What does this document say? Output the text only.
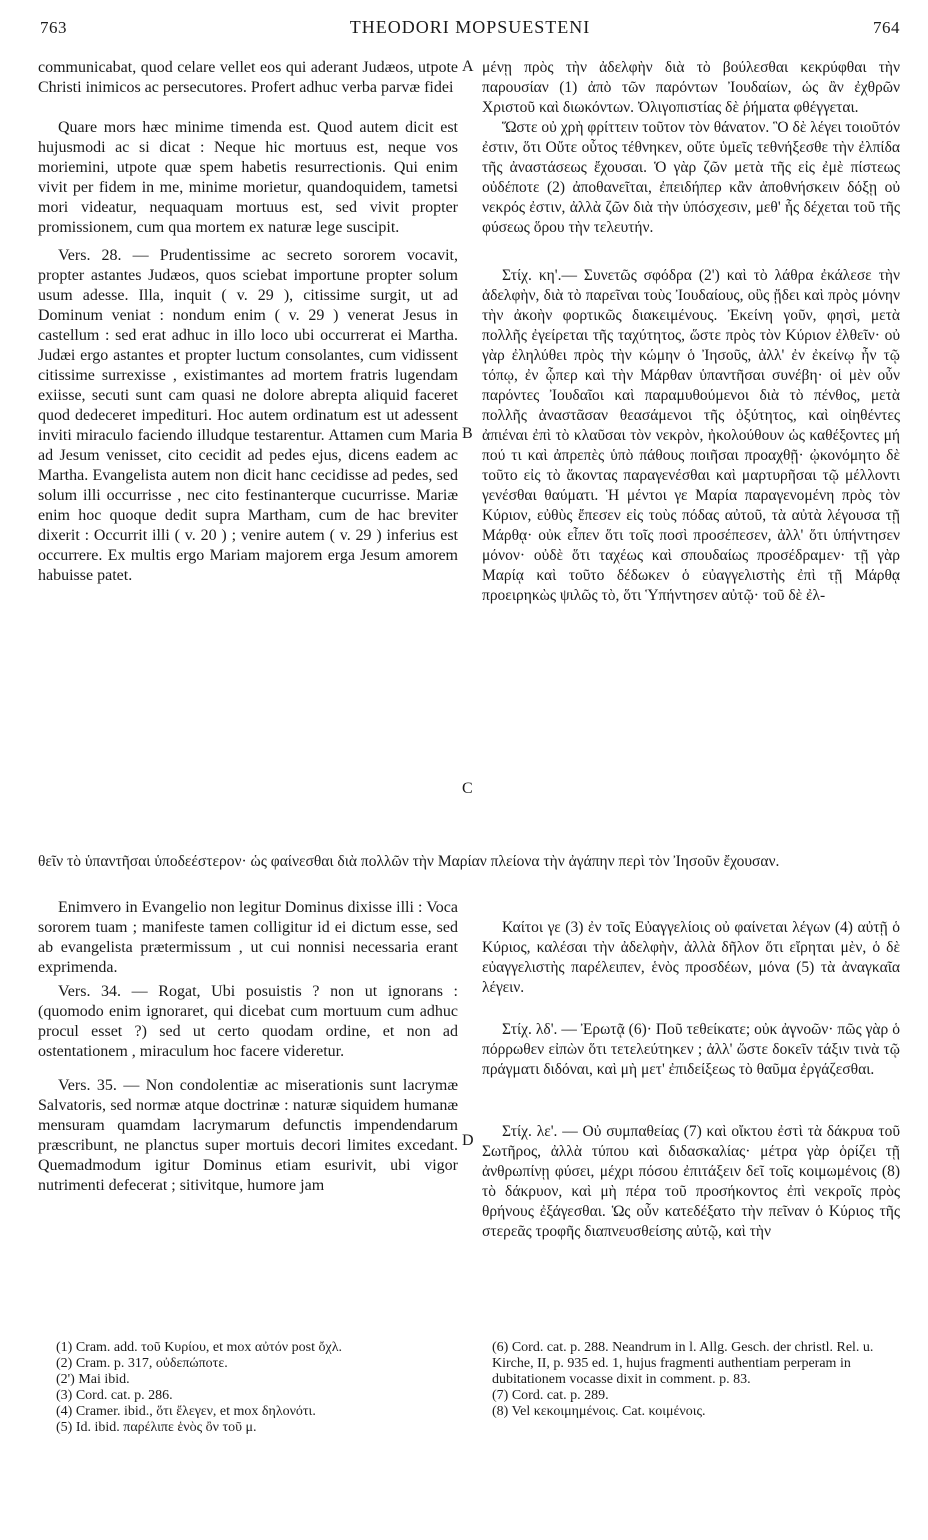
763	THEODORI MOPSUESTENI	764
A
B
C
D

communicabat, quod celare vellet eos qui aderant Judæos, utpote Christi inimicos ac persecutores. Profert adhuc verba parvæ fidei

Quare mors hæc minime timenda est. Quod autem dicit est hujusmodi ac si dicat : Neque hic mortuus est, neque vos moriemini, utpote quæ spem habetis resurrectionis. Qui enim vivit per fidem in me, minime morietur, quandoquidem, tametsi mori videatur, nequaquam mortuus est, sed vivit propter promissionem, cum qua mortem ex naturæ lege suscipit.

Vers. 28. — Prudentissime ac secreto sororem vocavit, propter astantes Judæos, quos sciebat importune propter solum usum adesse. Illa, inquit ( v. 29 ), citissime surgit, ut ad Dominum veniat : nondum enim ( v. 29 ) venerat Jesus in castellum : sed erat adhuc in illo loco ubi occurrerat ei Martha. Judæi ergo astantes et propter luctum consolantes, cum vidissent citissime surrexisse , existimantes ad mortem fratris lugendam exiisse, secuti sunt cam quasi ne dolore abrepta aliquid faceret quod dedeceret impedituri. Hoc autem ordinatum est ut adessent inviti miraculo faciendo illudque testarentur. Attamen cum Maria ad Jesum venisset, cito cecidit ad pedes ejus, dicens eadem ac Martha. Evangelista autem non dicit hanc cecidisse ad pedes, sed solum illi occurrisse , nec cito festinanterque cucurrisse. Mariæ enim hoc quoque dedit supra Martham, cum de hac breviter dixerit : Occurrit illi ( v. 20 ) ; venire autem ( v. 29 ) inferius est occurrere. Ex multis ergo Mariam majorem erga Jesum amorem habuisse patet.

μένῃ πρὸς τὴν ἀδελφὴν διὰ τὸ βούλεσθαι κεκρύφθαι τὴν παρουσίαν (1) ἀπὸ τῶν παρόντων Ἰουδαίων, ὡς ἂν ἐχθρῶν Χριστοῦ καὶ διωκόντων. Ὀλιγοπιστίας δὲ ῥήματα φθέγγεται.

Ὥστε οὐ χρὴ φρίττειν τοῦτον τὸν θάνατον. Ὃ δὲ λέγει τοιοῦτόν ἐστιν, ὅτι Οὔτε οὗτος τέθνηκεν, οὔτε ὑμεῖς τεθνήξεσθε τὴν ἐλπίδα τῆς ἀναστάσεως ἔχουσαι. Ὁ γὰρ ζῶν μετὰ τῆς εἰς ἐμὲ πίστεως οὐδέποτε (2) ἀποθανεῖται, ἐπειδήπερ κἂν ἀποθνήσκειν δόξῃ οὐ νεκρός ἐστιν, ἀλλὰ ζῶν διὰ τὴν ὑπόσχεσιν, μεθ' ἧς δέχεται τοῦ τῆς φύσεως ὅρου τὴν τελευτήν.

Στίχ. κη'.— Συνετῶς σφόδρα (2') καὶ τὸ λάθρα ἐκάλεσε τὴν ἀδελφὴν, διὰ τὸ παρεῖναι τοὺς Ἰουδαίους, οὓς ᾔδει καὶ πρὸς μόνην τὴν ἀκοὴν φορτικῶς διακειμένους. Ἐκείνη γοῦν, φησὶ, μετὰ πολλῆς ἐγείρεται τῆς ταχύτητος, ὥστε πρὸς τὸν Κύριον ἐλθεῖν· οὐ γὰρ ἐληλύθει πρὸς τὴν κώμην ὁ Ἰησοῦς, ἀλλ' ἐν ἐκείνῳ ἦν τῷ τόπῳ, ἐν ᾧπερ καὶ τὴν Μάρθαν ὑπαντῆσαι συνέβη· οἱ μὲν οὖν παρόντες Ἰουδαῖοι καὶ παραμυθούμενοι διὰ τὸ πένθος, μετὰ πολλῆς ἀναστᾶσαν θεασάμενοι τῆς ὀξύτητος, καὶ οἰηθέντες ἀπιέναι ἐπὶ τὸ κλαῦσαι τὸν νεκρὸν, ἠκολούθουν ὡς καθέξοντες μή πού τι καὶ ἀπρεπὲς ὑπὸ πάθους ποιῆσαι προαχθῇ· ᾠκονόμητο δὲ τοῦτο εἰς τὸ ἄκοντας παραγενέσθαι καὶ μαρτυρῆσαι τῷ μέλλοντι γενέσθαι θαύματι. Ἡ μέντοι γε Μαρία παραγενομένη πρὸς τὸν Κύριον, εὐθὺς ἔπεσεν εἰς τοὺς πόδας αὐτοῦ, τὰ αὐτὰ λέγουσα τῇ Μάρθᾳ· οὐκ εἶπεν ὅτι τοῖς ποσὶ προσέπεσεν, ἀλλ' ὅτι ὑπήντησεν μόνον· οὐδὲ ὅτι ταχέως καὶ σπουδαίως προσέδραμεν· τῇ γὰρ Μαρίᾳ καὶ τοῦτο δέδωκεν ὁ εὐαγγελιστὴς ἐπὶ τῇ Μάρθᾳ προειρηκὼς ψιλῶς τὸ, ὅτι Ὑπήντησεν αὐτῷ· τοῦ δὲ ἐλ-

θεῖν τὸ ὑπαντῆσαι ὑποδεέστερον· ὡς φαίνεσθαι διὰ πολλῶν τὴν Μαρίαν πλείονα τὴν ἀγάπην περὶ τὸν Ἰησοῦν ἔχουσαν.

Enimvero in Evangelio non legitur Dominus dixisse illi : Voca sororem tuam ; manifeste tamen colligitur id ei dictum esse, sed ab evangelista prætermissum , ut cui nonnisi necessaria erant exprimenda.

Vers. 34. — Rogat, Ubi posuistis ? non ut ignorans : (quomodo enim ignoraret, qui dicebat cum mortuum cum adhuc procul esset ?) sed ut certo quodam ordine, et non ad ostentationem , miraculum hoc facere videretur.

Vers. 35. — Non condolentiæ ac miserationis sunt lacrymæ Salvatoris, sed normæ atque doctrinæ : naturæ siquidem humanæ mensuram quamdam lacrymarum defunctis impendendarum præscribunt, ne planctus super mortuis decori limites excedant. Quemadmodum igitur Dominus etiam esurivit, ubi vigor nutrimenti defecerat ; sitivitque, humore jam

Καίτοι γε (3) ἐν τοῖς Εὐαγγελίοις οὐ φαίνεται λέγων (4) αὐτῇ ὁ Κύριος, καλέσαι τὴν ἀδελφὴν, ἀλλὰ δῆλον ὅτι εἴρηται μὲν, ὁ δὲ εὐαγγελιστὴς παρέλειπεν, ἑνὸς προσδέων, μόνα (5) τὰ ἀναγκαῖα λέγειν.

Στίχ. λδ'. — Ἐρωτᾷ (6)· Ποῦ τεθείκατε; οὐκ ἀγνοῶν· πῶς γὰρ ὁ πόρρωθεν εἰπὼν ὅτι τετελεύτηκεν ; ἀλλ' ὥστε δοκεῖν τάξιν τινὰ τῷ πράγματι διδόναι, καὶ μὴ μετ' ἐπιδείξεως τὸ θαῦμα ἐργάζεσθαι.

Στίχ. λε'. — Οὐ συμπαθείας (7) καὶ οἴκτου ἐστὶ τὰ δάκρυα τοῦ Σωτῆρος, ἀλλὰ τύπου καὶ διδασκαλίας· μέτρα γὰρ ὁρίζει τῇ ἀνθρωπίνῃ φύσει, μέχρι πόσου ἐπιτάξειν δεῖ τοῖς κοιμωμένοις (8) τὸ δάκρυον, καὶ μὴ πέρα τοῦ προσήκοντος ἐπὶ νεκροῖς πρὸς θρήνους ἐξάγεσθαι. Ὡς οὖν κατεδέξατο τὴν πεῖναν ὁ Κύριος τῆς στερεᾶς τροφῆς διαπνευσθείσης αὐτῷ, καὶ τὴν

(1) Cram. add. τοῦ Κυρίου, et mox αὐτόν post ὄχλ.
(2) Cram. p. 317, οὐδεπώποτε.
(2') Mai ibid.
(3) Cord. cat. p. 286.
(4) Cramer. ibid., ὅτι ἔλεγεν, et mox δηλονότι.
(5) Id. ibid. παρέλιπε ἑνὸς ὂν τοῦ μ.
(6) Cord. cat. p. 288. Neandrum in l. Allg. Gesch. der christl. Rel. u. Kirche, II, p. 935 ed. 1, hujus fragmenti authentiam perperam in dubitationem vocasse dixit in comment. p. 83.
(7) Cord. cat. p. 289.
(8) Vel κεκοιμημένοις. Cat. κοιμένοις.
